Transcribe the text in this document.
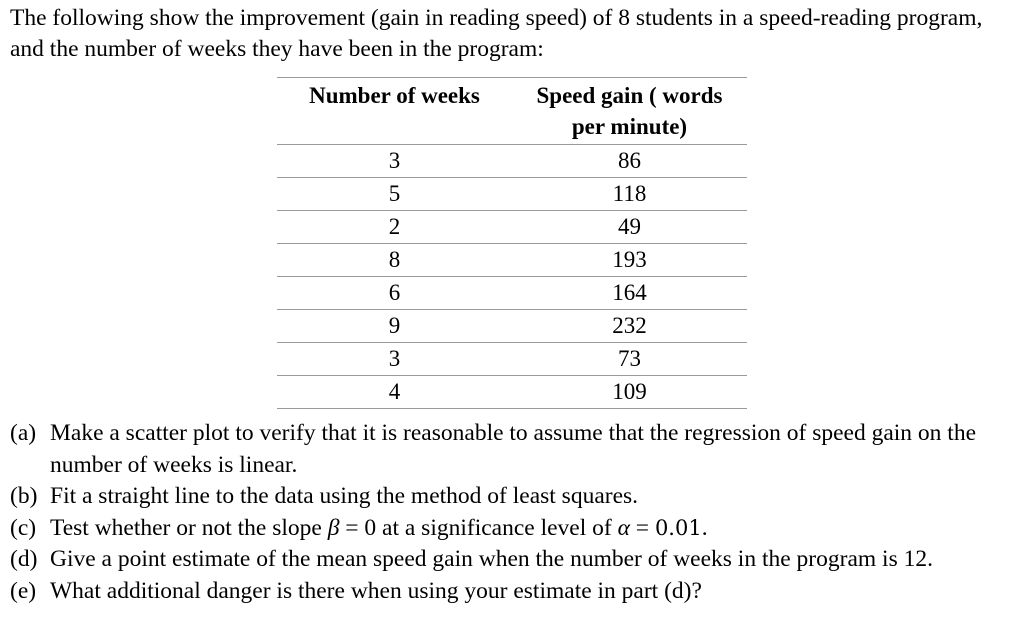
The following show the improvement (gain in reading speed) of 8 students in a speed-reading program, and the number of weeks they have been in the program:

Number of weeks	Speed gain ( words
per minute)
3	86
5	118
2	49
8	193
6	164
9	232
3	73
4	109
(a) Make a scatter plot to verify that it is reasonable to assume that the regression of speed gain on the number of weeks is linear.
(b) Fit a straight line to the data using the method of least squares.
(c) Test whether or not the slope β = 0 at a significance level of α = 0.01.
(d) Give a point estimate of the mean speed gain when the number of weeks in the program is 12.
(e) What additional danger is there when using your estimate in part (d)?
